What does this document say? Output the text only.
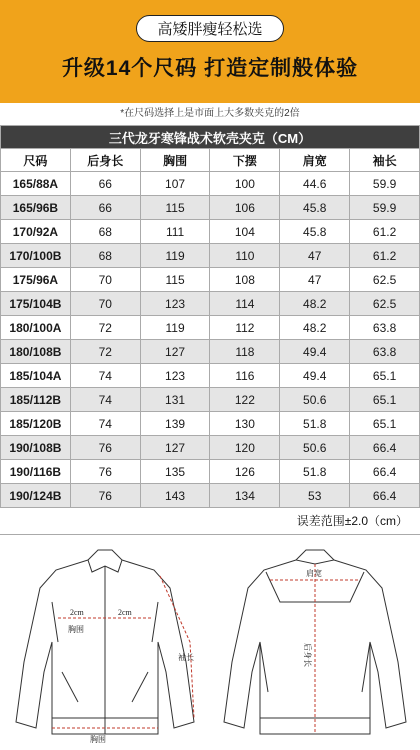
高矮胖瘦轻松选
升级14个尺码 打造定制般体验
*在尺码选择上是市面上大多数夹克的2倍
三代龙牙寒锋战术软壳夹克（CM）					
尺码	后身长	胸围	下摆	肩宽	袖长
165/88A	66	107	100	44.6	59.9
165/96B	66	115	106	45.8	59.9
170/92A	68	111	104	45.8	61.2
170/100B	68	119	110	47	61.2
175/96A	70	115	108	47	62.5
175/104B	70	123	114	48.2	62.5
180/100A	72	119	112	48.2	63.8
180/108B	72	127	118	49.4	63.8
185/104A	74	123	116	49.4	65.1
185/112B	74	131	122	50.6	65.1
185/120B	74	139	130	51.8	65.1
190/108B	76	127	120	50.6	66.4
190/116B	76	135	126	51.8	66.4
190/124B	76	143	134	53	66.4
误差范围±2.0（cm）
2cm	2cm
胸围
袖长
胸围
肩宽
后身长
